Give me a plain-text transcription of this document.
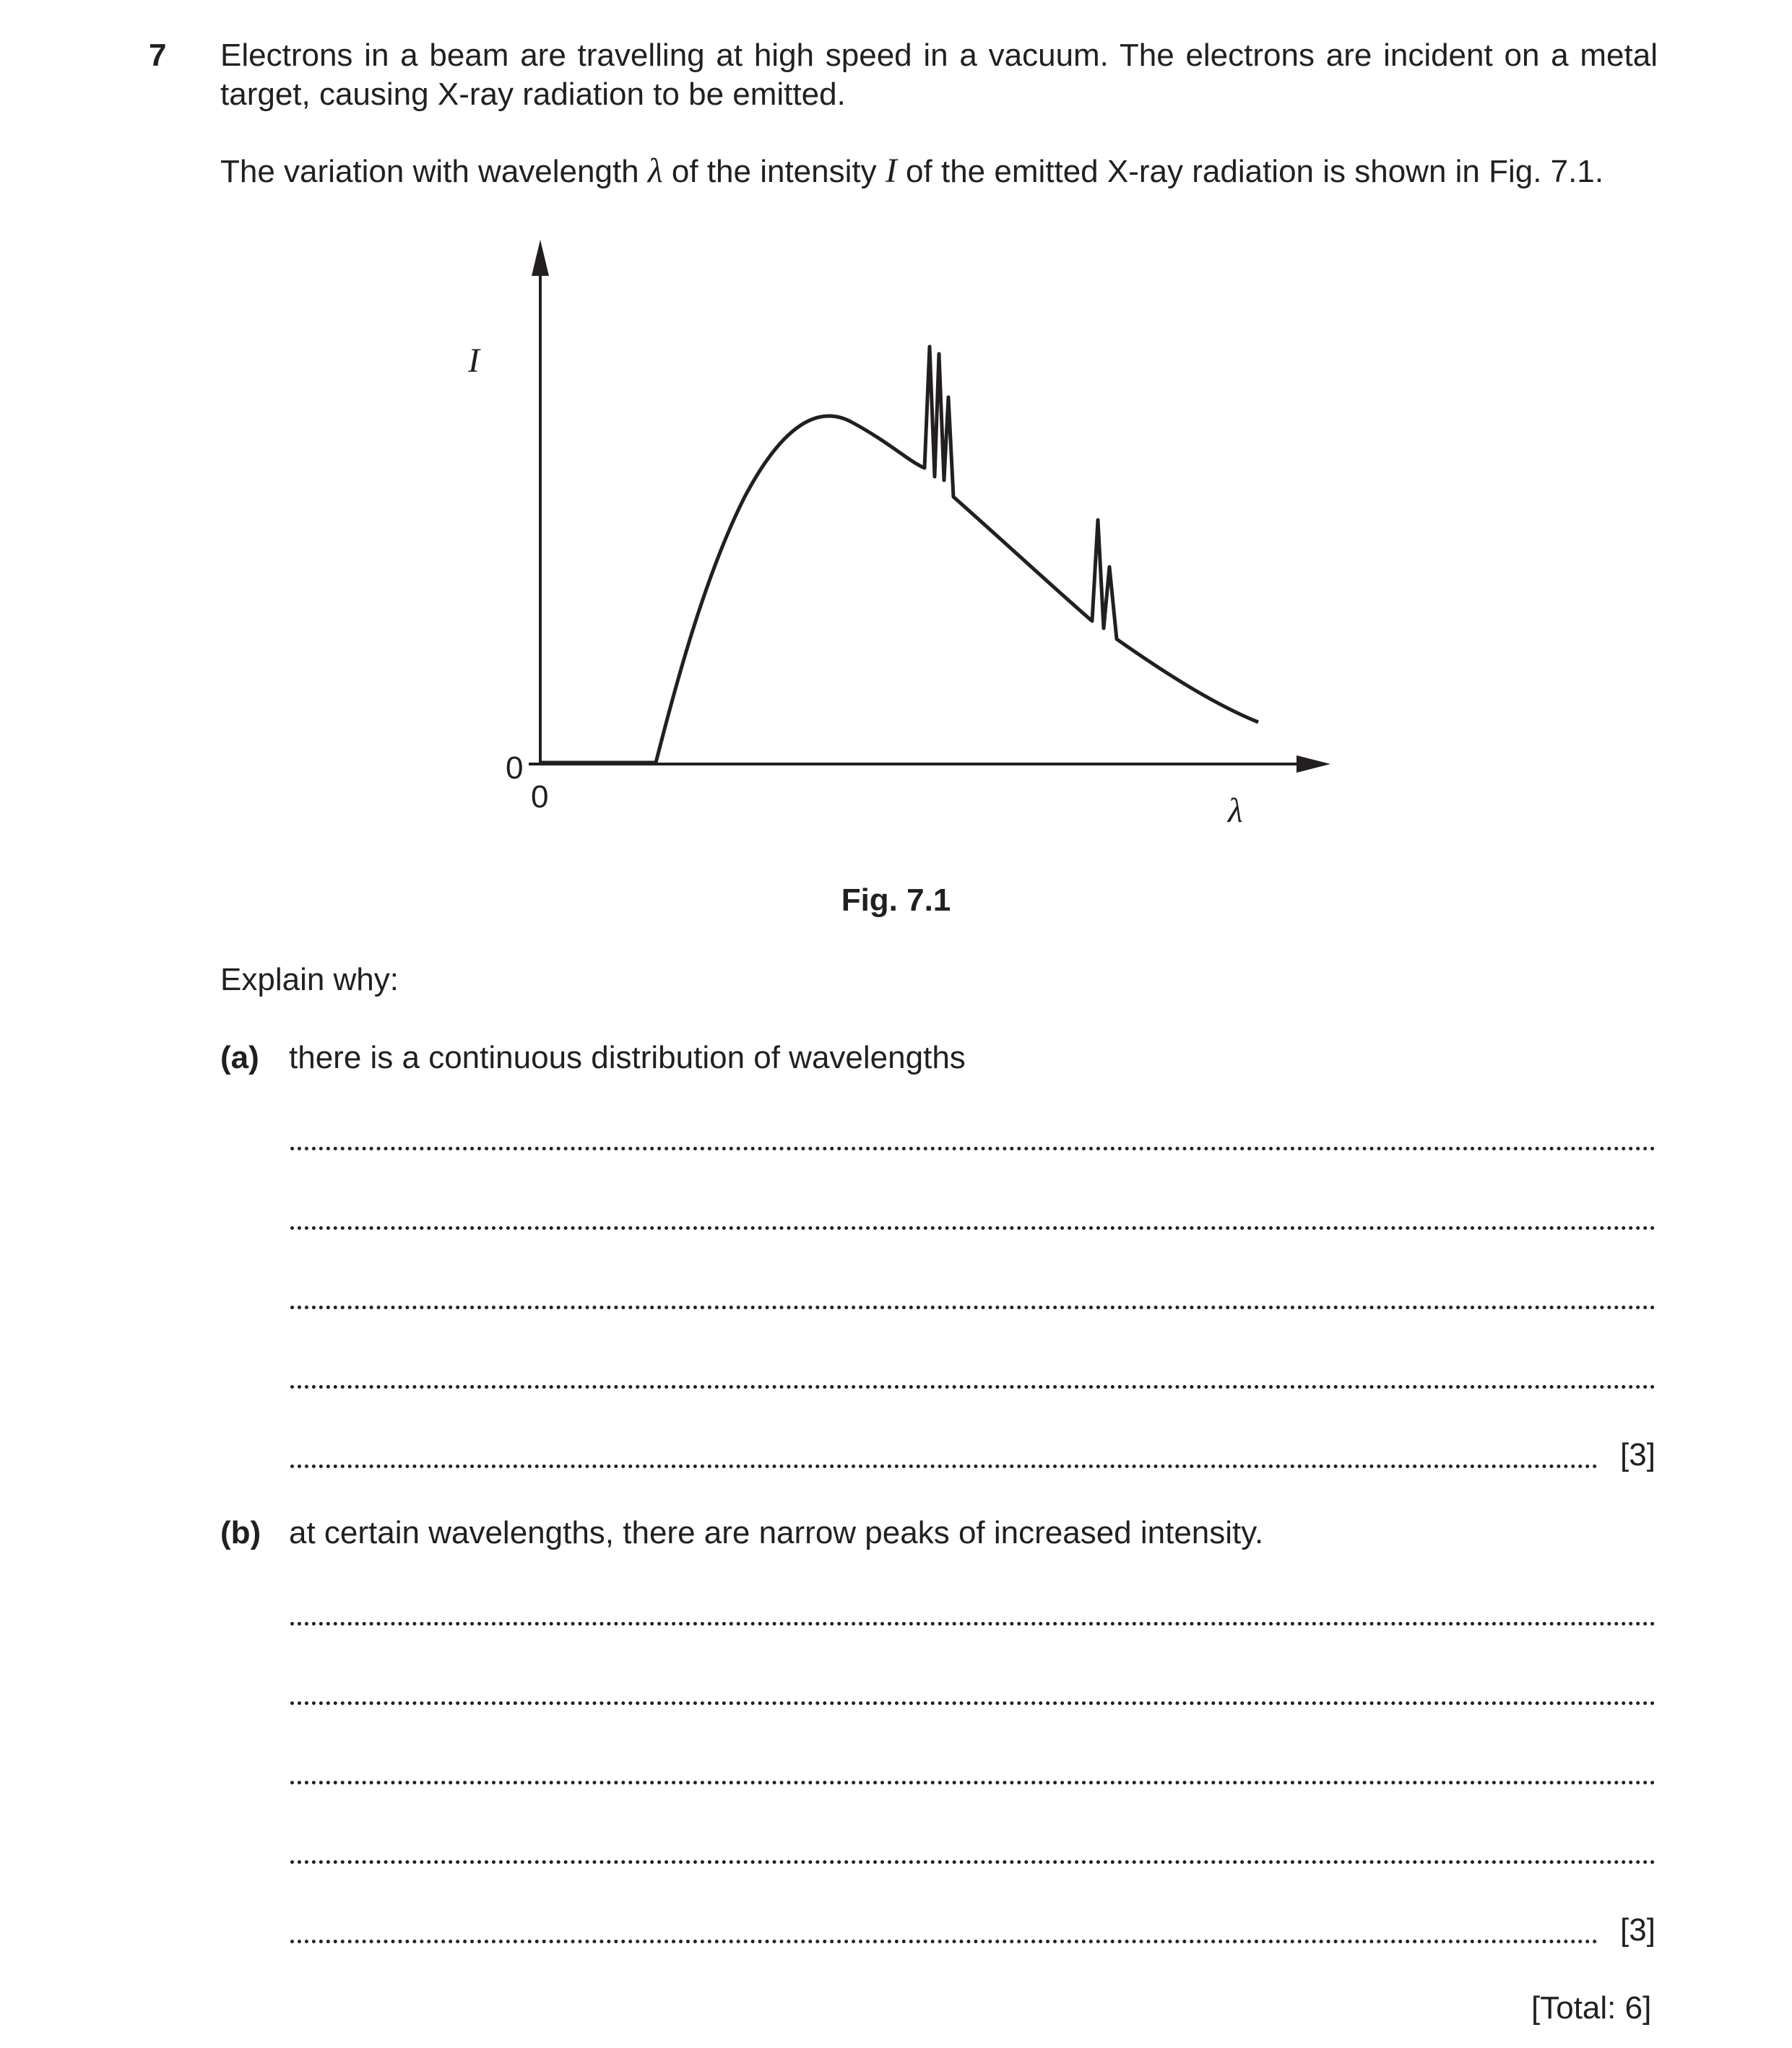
7 Electrons in a beam are travelling at high speed in a vacuum. The electrons are incident on a metal target, causing X-ray radiation to be emitted.
The variation with wavelength λ of the intensity I of the emitted X-ray radiation is shown in Fig. 7.1.
I
λ
0
0
Fig. 7.1
Explain why:
(a) there is a continuous distribution of wavelengths
[3]
(b) at certain wavelengths, there are narrow peaks of increased intensity.
[3]
[Total: 6]
